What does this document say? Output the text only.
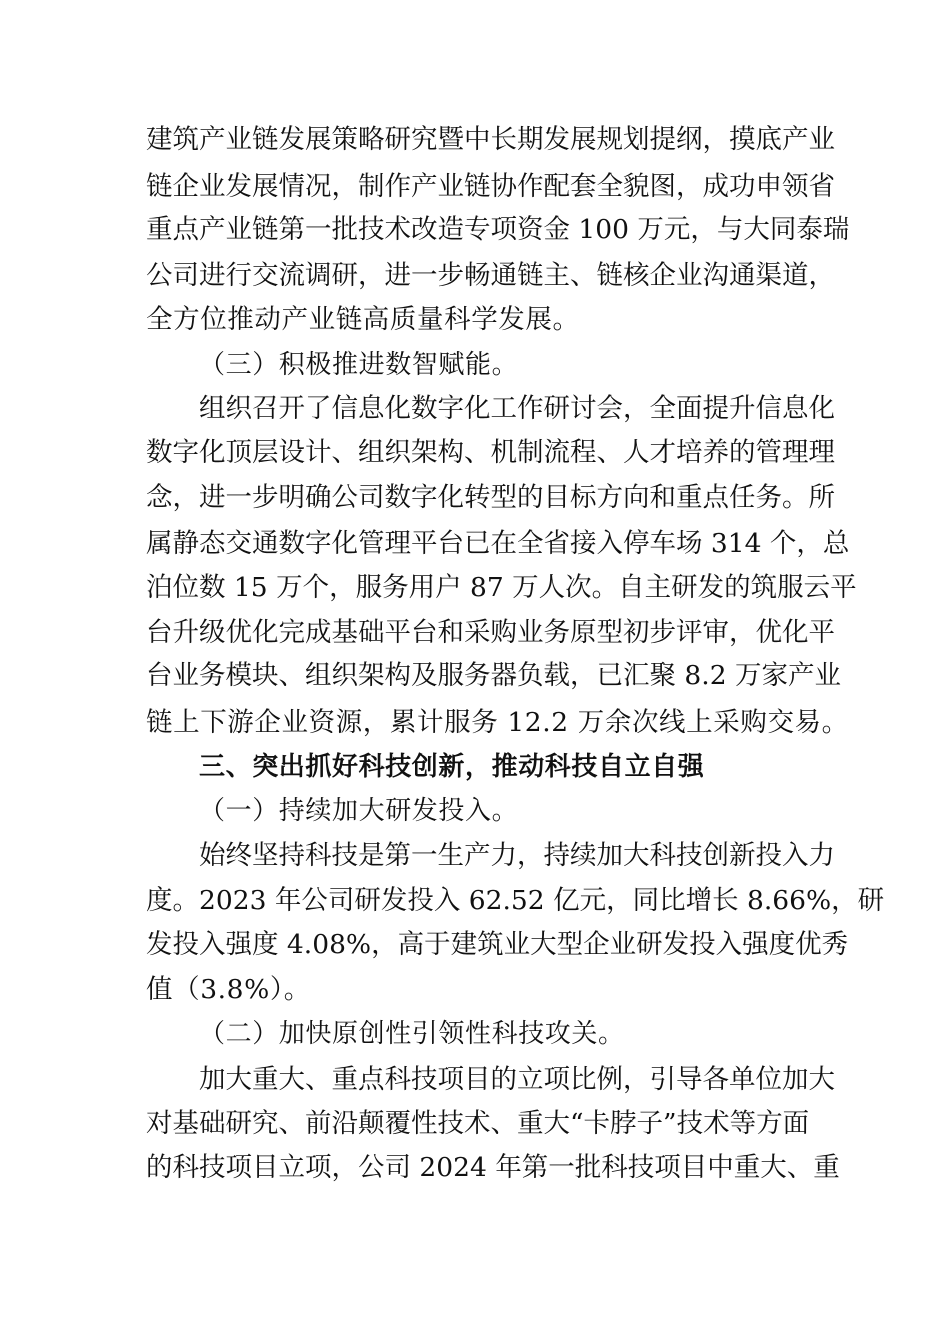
建筑产业链发展策略研究暨中长期发展规划提纲，摸底产业
链企业发展情况，制作产业链协作配套全貌图，成功申领省
重点产业链第一批技术改造专项资金 100 万元，与大同泰瑞
公司进行交流调研，进一步畅通链主、链核企业沟通渠道，
全方位推动产业链高质量科学发展。
（三）积极推进数智赋能。
组织召开了信息化数字化工作研讨会，全面提升信息化
数字化顶层设计、组织架构、机制流程、人才培养的管理理
念，进一步明确公司数字化转型的目标方向和重点任务。所
属静态交通数字化管理平台已在全省接入停车场 314 个，总
泊位数 15 万个，服务用户 87 万人次。自主研发的筑服云平
台升级优化完成基础平台和采购业务原型初步评审，优化平
台业务模块、组织架构及服务器负载，已汇聚 8.2 万家产业
链上下游企业资源，累计服务 12.2 万余次线上采购交易。
三、突出抓好科技创新，推动科技自立自强
（一）持续加大研发投入。
始终坚持科技是第一生产力，持续加大科技创新投入力
度。2023 年公司研发投入 62.52 亿元，同比增长 8.66%，研
发投入强度 4.08%，高于建筑业大型企业研发投入强度优秀
值（3.8%）。
（二）加快原创性引领性科技攻关。
加大重大、重点科技项目的立项比例，引导各单位加大
对基础研究、前沿颠覆性技术、重大“卡脖子”技术等方面
的科技项目立项，公司 2024 年第一批科技项目中重大、重
